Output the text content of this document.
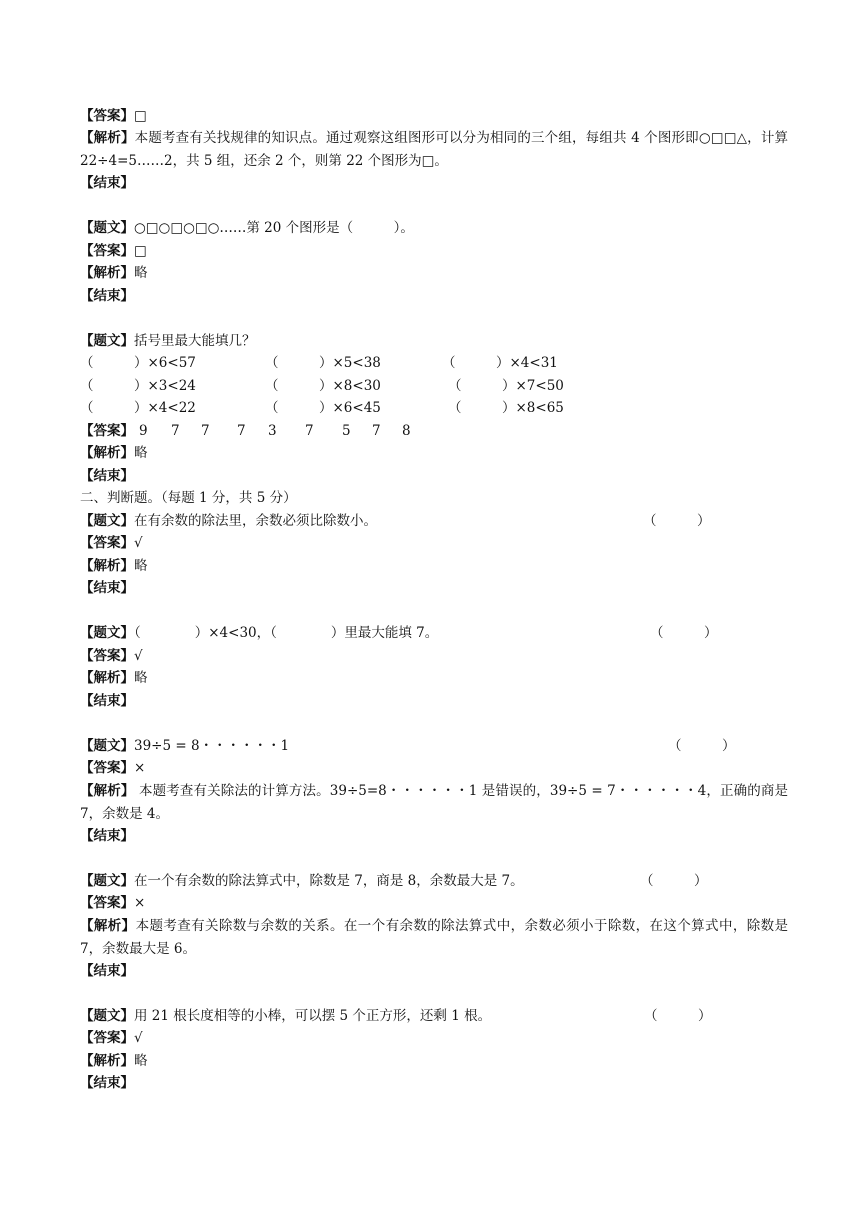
【答案】□
【解析】本题考查有关找规律的知识点。通过观察这组图形可以分为相同的三个组，每组共 4 个图形即○□□△，计算 22÷4=5……2，共 5 组，还余 2 个，则第 22 个图形为□。
【结束】
【题文】○□○□○□○……第 20 个图形是（　　　）。
【答案】□
【解析】略
【结束】
【题文】括号里最大能填几？
（　　　）×6<57	（　　　）×5<38	（　　　）×4<31
（　　　）×3<24	（　　　）×8<30	（　　　）×7<50
（　　　）×4<22	（　　　）×6<45	（　　　）×8<65
【答案】 9 7 7 7 3 7 5 7 8
【解析】略
【结束】
二、判断题。（每题 1 分，共 5 分）
【题文】在有余数的除法里，余数必须比除数小。	（　　　）
【答案】√
【解析】略
【结束】
【题文】（　　　　）×4<30，（　　　　）里最大能填 7。	（　　　）
【答案】√
【解析】略
【结束】
【题文】39÷5 = 8・・・・・・1	（　　　）
【答案】×
【解析】 本题考查有关除法的计算方法。39÷5=8・・・・・・1 是错误的，39÷5 = 7・・・・・・4，正确的商是 7，余数是 4。
【结束】
【题文】在一个有余数的除法算式中，除数是 7，商是 8，余数最大是 7。	（　　　）
【答案】×
【解析】本题考查有关除数与余数的关系。在一个有余数的除法算式中，余数必须小于除数，在这个算式中，除数是 7，余数最大是 6。
【结束】
【题文】用 21 根长度相等的小棒，可以摆 5 个正方形，还剩 1 根。	（　　　）
【答案】√
【解析】略
【结束】
